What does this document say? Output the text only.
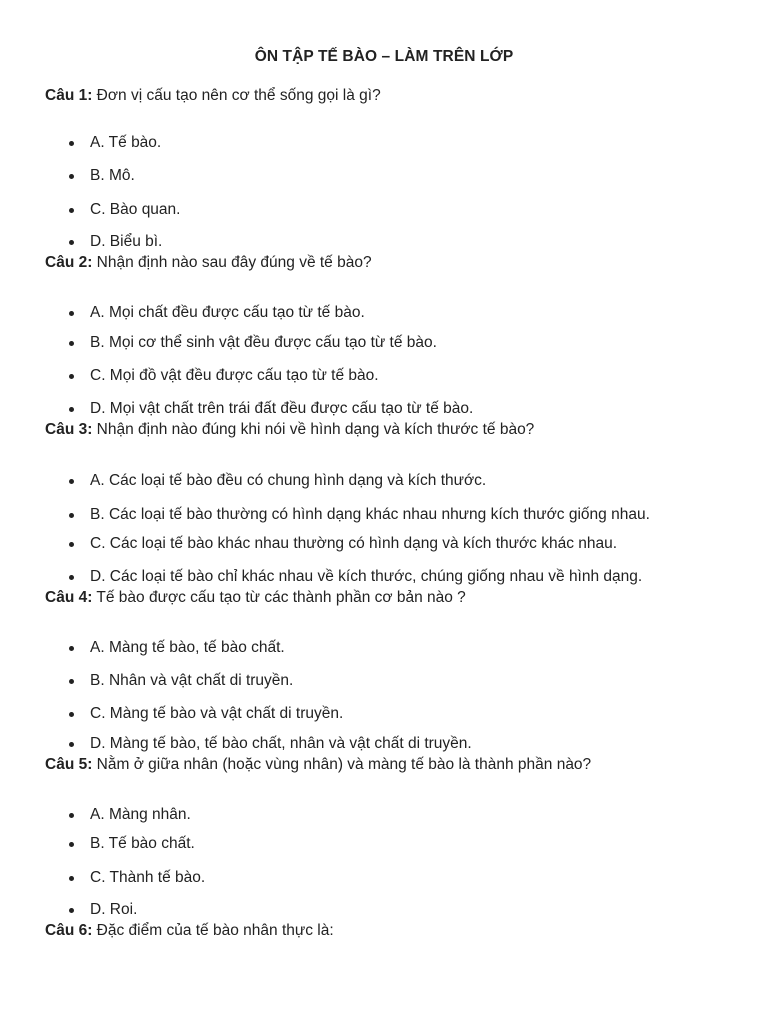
ÔN TẬP TẾ BÀO – LÀM TRÊN LỚP
Câu 1: Đơn vị cấu tạo nên cơ thể sống gọi là gì?
A. Tế bào.
B. Mô.
C. Bào quan.
D. Biểu bì.
Câu 2: Nhận định nào sau đây đúng về tế bào?
A. Mọi chất đều được cấu tạo từ tế bào.
B. Mọi cơ thể sinh vật đều được cấu tạo từ tế bào.
C. Mọi đồ vật đều được cấu tạo từ tế bào.
D. Mọi vật chất trên trái đất đều được cấu tạo từ tế bào.
Câu 3: Nhận định nào đúng khi nói về hình dạng và kích thước tế bào?
A. Các loại tế bào đều có chung hình dạng và kích thước.
B. Các loại tế bào thường có hình dạng khác nhau nhưng kích thước giống nhau.
C. Các loại tế bào khác nhau thường có hình dạng và kích thước khác nhau.
D. Các loại tế bào chỉ khác nhau về kích thước, chúng giống nhau về hình dạng.
Câu 4: Tế bào được cấu tạo từ các thành phần cơ bản nào ?
A. Màng tế bào, tế bào chất.
B. Nhân và vật chất di truyền.
C. Màng tế bào và vật chất di truyền.
D. Màng tế bào, tế bào chất, nhân và vật chất di truyền.
Câu 5: Nằm ở giữa nhân (hoặc vùng nhân) và màng tế bào là thành phần nào?
A. Màng nhân.
B. Tế bào chất.
C. Thành tế bào.
D. Roi.
Câu 6: Đặc điểm của tế bào nhân thực là:
